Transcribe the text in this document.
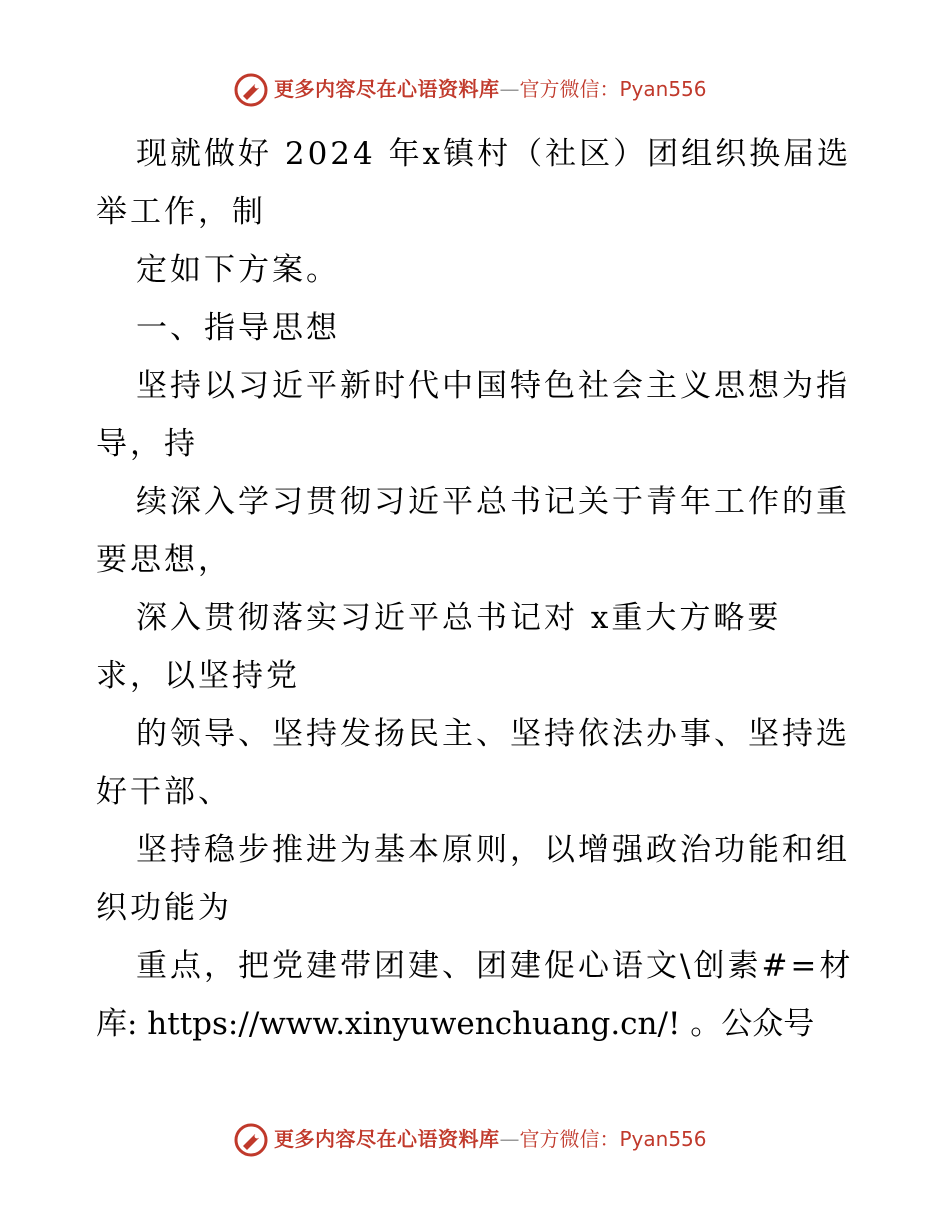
更多内容尽在心语资料库—官方微信：Pyan556
现就做好 2024 年x镇村（社区）团组织换届选
举工作，制
定如下方案。
一、指导思想
坚持以习近平新时代中国特色社会主义思想为指
导，持
续深入学习贯彻习近平总书记关于青年工作的重
要思想，
深入贯彻落实习近平总书记对 x重大方略要
求，以坚持党
的领导、坚持发扬民主、坚持依法办事、坚持选
好干部、
坚持稳步推进为基本原则，以增强政治功能和组
织功能为
重点，把党建带团建、团建促心语文\创素#=材
库: https://www.xinyuwenchuang.cn/! 。公众号
更多内容尽在心语资料库—官方微信：Pyan556
